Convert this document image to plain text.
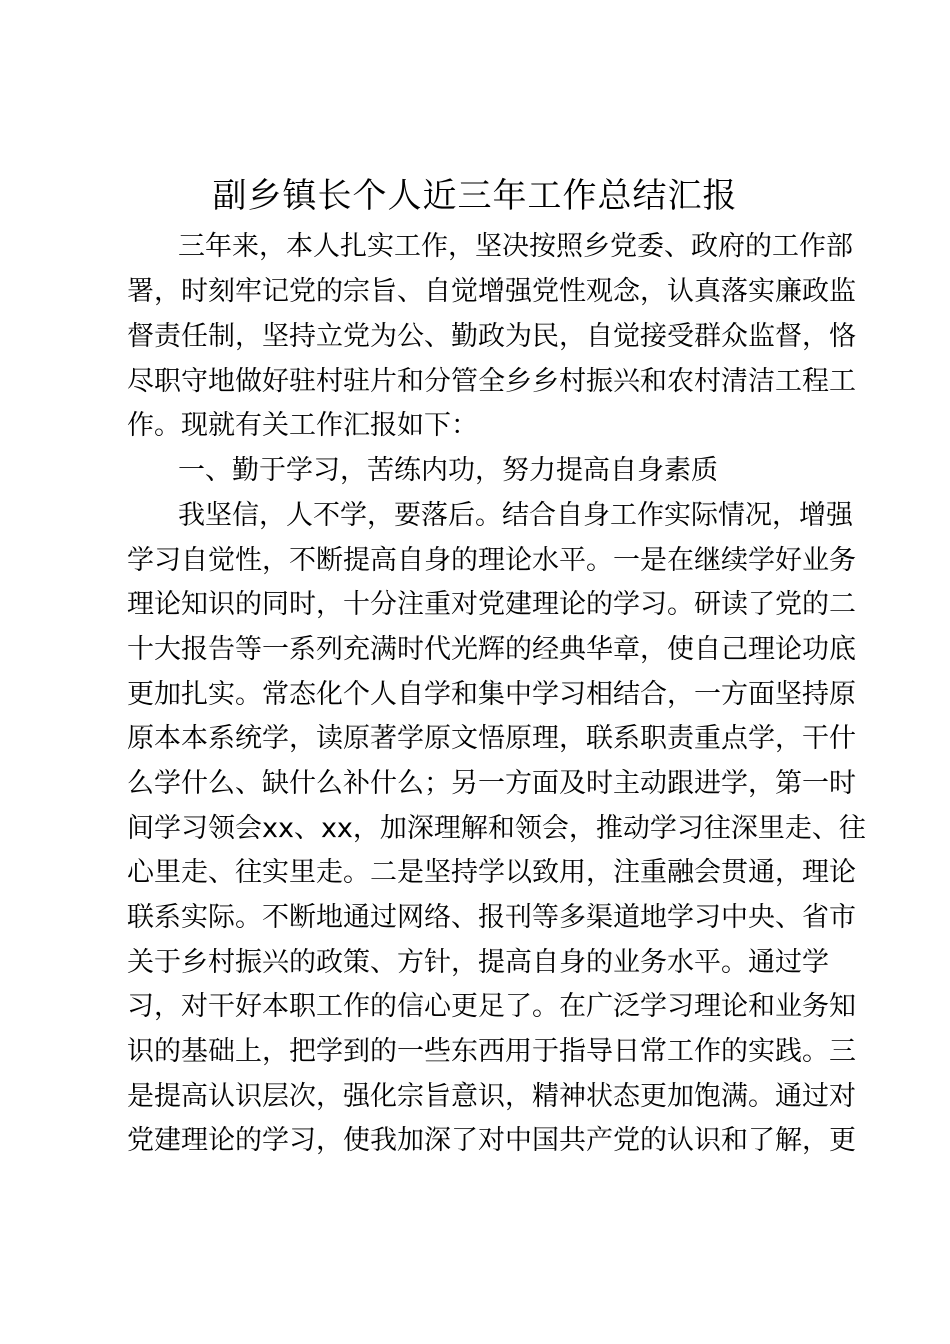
副乡镇长个人近三年工作总结汇报
三年来，本人扎实工作，坚决按照乡党委、政府的工作部
署，时刻牢记党的宗旨、自觉增强党性观念，认真落实廉政监
督责任制，坚持立党为公、勤政为民，自觉接受群众监督，恪
尽职守地做好驻村驻片和分管全乡乡村振兴和农村清洁工程工
作。现就有关工作汇报如下：
一、勤于学习，苦练内功，努力提高自身素质
我坚信，人不学，要落后。结合自身工作实际情况，增强
学习自觉性，不断提高自身的理论水平。一是在继续学好业务
理论知识的同时，十分注重对党建理论的学习。研读了党的二
十大报告等一系列充满时代光辉的经典华章，使自己理论功底
更加扎实。常态化个人自学和集中学习相结合，一方面坚持原
原本本系统学，读原著学原文悟原理，联系职责重点学，干什
么学什么、缺什么补什么；另一方面及时主动跟进学，第一时
间学习领会xx、xx，加深理解和领会，推动学习往深里走、往
心里走、往实里走。二是坚持学以致用，注重融会贯通，理论
联系实际。不断地通过网络、报刊等多渠道地学习中央、省市
关于乡村振兴的政策、方针，提高自身的业务水平。通过学
习，对干好本职工作的信心更足了。在广泛学习理论和业务知
识的基础上，把学到的一些东西用于指导日常工作的实践。三
是提高认识层次，强化宗旨意识，精神状态更加饱满。通过对
党建理论的学习，使我加深了对中国共产党的认识和了解，更
